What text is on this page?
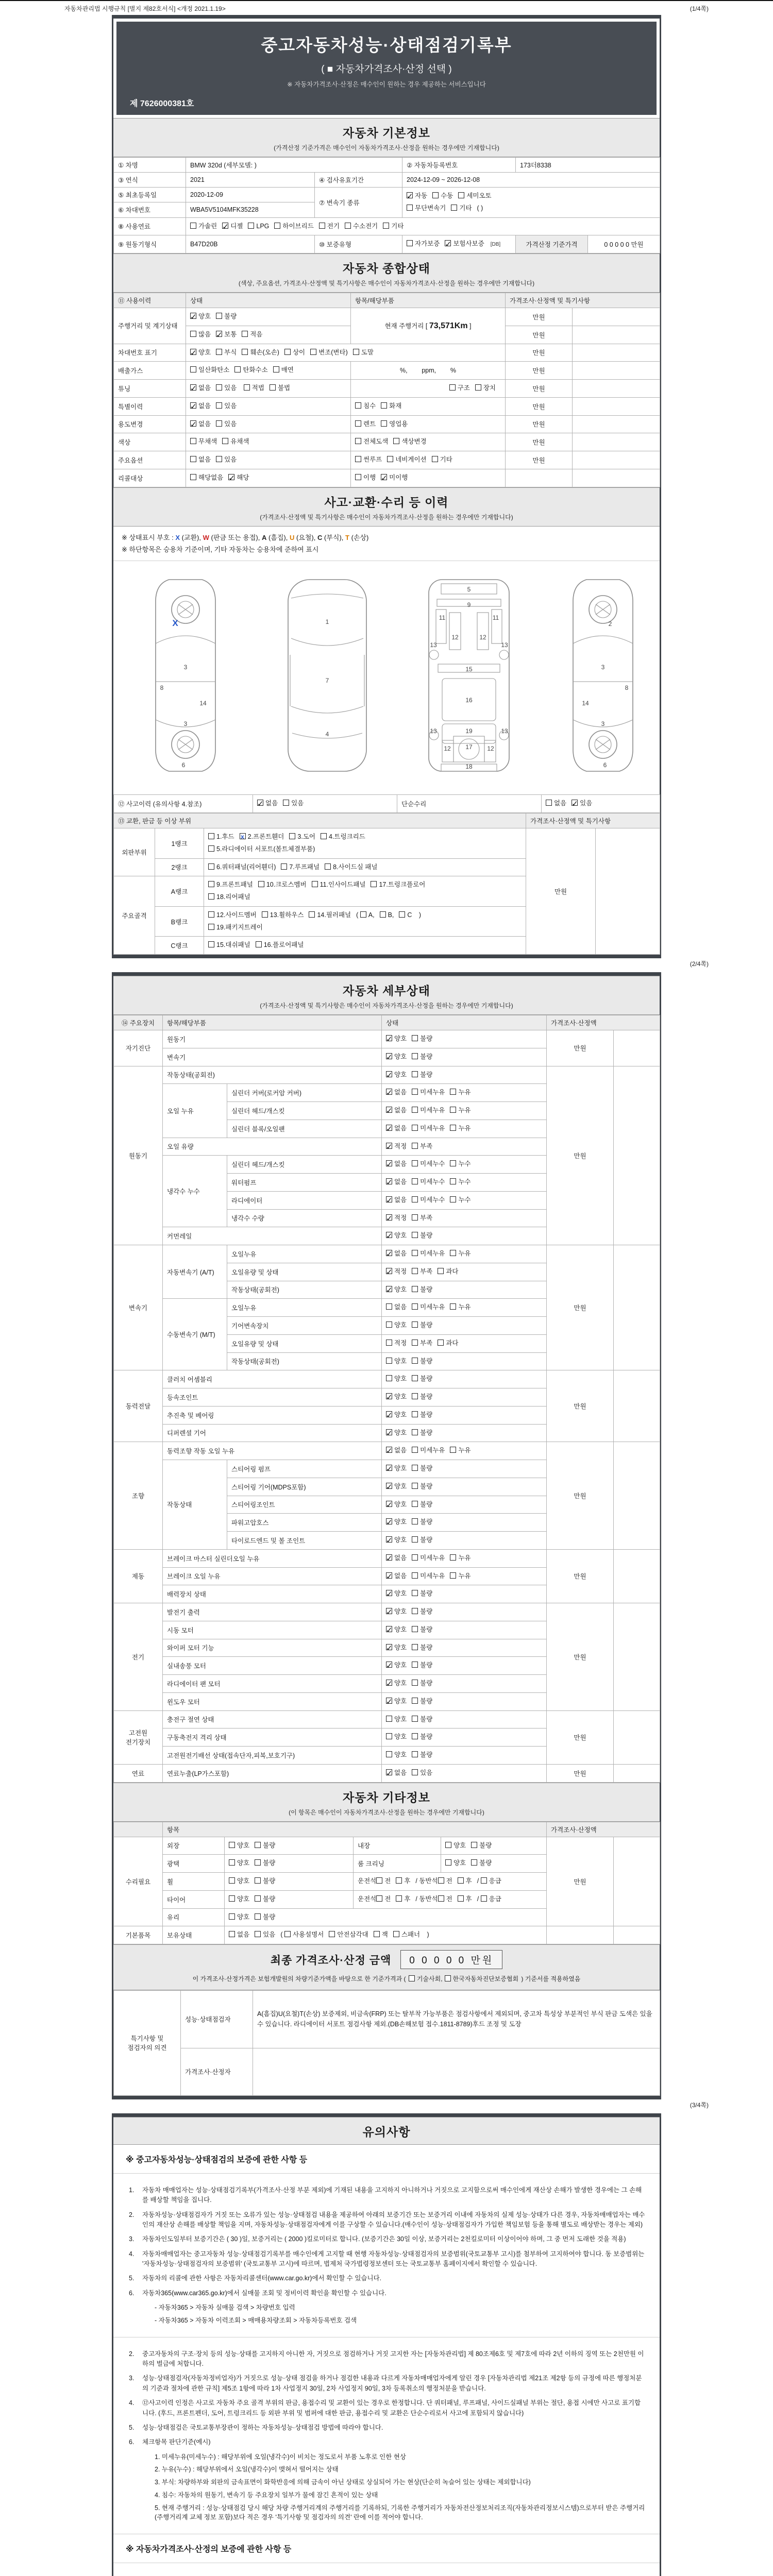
자동차관리법 시행규칙 [별지 제82호서식] <개정 2021.1.19>	(1/4쪽)
중고자동차성능·상태점검기록부
( ■ 자동차가격조사·산정 선택 )
※ 자동차가격조사·산정은 매수인이 원하는 경우 제공하는 서비스입니다
제 7626000381호
자동차 기본정보
(가격산정 기준가격은 매수인이 자동차가격조사·산정을 원하는 경우에만 기재합니다)
① 차명	BMW 320d (세부모델: )		② 자동차등록번호	173더8338	
③ 연식	2021	④ 검사유효기간	2024-12-09 ~ 2026-12-08		
⑤ 최초등록일	2020-12-09	⑦ 변속기 종류	✓자동 수동 세미오토
무단변속기 기타 ( )
⑥ 차대번호	WBA5V5104MFK35228				
⑧ 사용연료	가솔린 ✓ 디젤 LPG 하이브리드 전기 수소전기 기타
⑨ 원동기형식	B47D20B	⑩ 보증유형	자가보증 ✓ 보험사보증 [DB]	가격산정 기준가격	0 0 0 0 0 만원
자동차 종합상태
(색상, 주요옵션, 가격조사·산정액 및 특기사항은 매수인이 자동차가격조사·산정을 원하는 경우에만 기재합니다)
⑪ 사용이력	상태	항목/해당부품	가격조사·산정액 및 특기사항	
주행거리 및 계기상태	✓양호 불량	현재 주행거리 [ 73,571Km ]	만원	
	많음 ✓ 보통 적음		만원	
차대번호 표기	✓양호 부식 훼손(오손) 상이 변조(변타) 도말		만원	
배출가스	일산화탄소 탄화수소 매연	%,        ppm,        %	만원	
튜닝	✓없음 있음 적법 불법	구조 장치	만원	
특별이력	✓없음 있음	침수 화재	만원	
용도변경	✓없음 있음	렌트 영업용	만원	
색상	무채색 유채색	전체도색 색상변경	만원	
주요옵션	없음 있음	썬루프 네비게이션 기타	만원	
리콜대상	해당없음 ✓ 해당	이행 ✓ 미이행		
사고·교환·수리 등 이력
(가격조사·산정액 및 특기사항은 매수인이 자동차가격조사·산정을 원하는 경우에만 기재합니다)
※ 상태표시 부호 : X (교환), W (판금 또는 용접), A (흠집), U (요철), C (부식), T (손상)
※ 하단항목은 승용차 기준이며, 기타 자동차는 승용차에 준하여 표시
X
8
3
14
3
6
1
7
4
5
9
11	11
13	13
12	12
15
16
19
13	13
12 17 12
18
2
8
3
14
3
6
⑫ 사고이력 (유의사항 4.참조)	✓없음 있음	단순수리	없음 ✓ 있음
⑬ 교환, 판금 등 이상 부위			가격조사·산정액 및 특기사항	
외판부위	1랭크	1.후드 x 2.프론트휀더 3.도어 4.트렁크리드
5.라디에이터 서포트(볼트체결부품)	만원	
	2랭크	6.쿼터패널(리어휀더) 7.루프패널 8.사이드실 패널		
주요골격	A랭크	9.프론트패널 10.크로스멤버 11.인사이드패널 17.트렁크플로어
18.리어패널		
	B랭크	12.사이드멤버 13.휠하우스 14.필러패널 ( A, B, C )
19.패키지트레이		
	C랭크	15.대쉬패널 16.플로어패널		
(2/4쪽)
자동차 세부상태
(가격조사·산정액 및 특기사항은 매수인이 자동차가격조사·산정을 원하는 경우에만 기재합니다)
⑭ 주요장치	항목/해당부품		상태	가격조사·산정액	
자기진단	원동기	✓양호 불량	만원	
	변속기	✓양호 불량
원동기	작동상태(공회전)	✓양호 불량	만원	
	오일 누유	실린더 커버(로커암 커버)	✓없음 미세누유 누유
		실린더 헤드/개스킷	✓없음 미세누유 누유
		실린더 블록/오일팬	✓없음 미세누유 누유
	오일 유량	✓적정 부족
	냉각수 누수	실린더 헤드/개스킷	✓없음 미세누수 누수
		워터펌프	✓없음 미세누수 누수
		라디에이터	✓없음 미세누수 누수
		냉각수 수량	✓적정 부족
	커먼레일	✓양호 불량
변속기	자동변속기 (A/T)	오일누유	✓없음 미세누유 누유	만원	
		오일유량 및 상태	✓적정 부족 과다
		작동상태(공회전)	✓양호 불량
	수동변속기 (M/T)	오일누유	없음 미세누유 누유		
		기어변속장치	양호 불량		
		오일유량 및 상태	적정 부족 과다		
		작동상태(공회전)	양호 불량		
동력전달	클러치 어셈블리		양호 불량	만원	
	등속조인트	✓양호 불량
	추진축 및 베어링	✓양호 불량
	디퍼렌셜 기어	✓양호 불량
조향	동력조향 작동 오일 누유	✓없음 미세누유 누유	만원	
	작동상태	스티어링 펌프	✓양호 불량
		스티어링 기어(MDPS포함)	✓양호 불량
		스티어링조인트	✓양호 불량
		파워고압호스	✓양호 불량
		타이로드엔드 및 볼 조인트	✓양호 불량
제동	브레이크 마스터 실린더오일 누유	✓없음 미세누유 누유	만원	
	브레이크 오일 누유	✓없음 미세누유 누유
	배력장치 상태	✓양호 불량
전기	발전기 출력	✓양호 불량	만원	
	시동 모터	✓양호 불량
	와이퍼 모터 기능	✓양호 불량
	실내송풍 모터	✓양호 불량
	라디에이터 팬 모터	✓양호 불량
	윈도우 모터	✓양호 불량
고전원 전기장치	충전구 절연 상태		양호 불량	만원	
	구동축전지 격리 상태		양호 불량		
	고전원전기배선 상태(접속단자,피복,보호기구)		양호 불량		
연료	연료누출(LP가스포함)	✓없음 있음	만원	
자동차 기타정보
(이 항목은 매수인이 자동차가격조사·산정을 원하는 경우에만 기재합니다)
	항목				가격조사·산정액	
수리필요	외장	양호 불량	내장	양호 불량	만원	
	광택	양호 불량	룸 크리닝	양호 불량		
	휠	양호 불량	운전석 전 후 / 동반석 전 후 / 응급			
	타이어	양호 불량	운전석 전 후 / 동반석 전 후 / 응급			
	유리	양호 불량				
기본품목	보유상태	없음 있음 ( 사용설명서 안전삼각대 잭 스패너 )				
최종 가격조사·산정 금액	0 0 0 0 0 만원
이 가격조사·산정가격은 보험개발원의 차량기준가액을 바탕으로 한 기준가격과 ( 기술사회, 한국자동차진단보증협회 ) 기준서를 적용하였음
특기사항 및 점검자의 의견	성능·상태점검자	A(흠집)U(요철)T(손상) 보증제외, 비금속(FRP) 또는 탈부착 가능부품은 점검사항에서 제외되며, 중고차 특성상 부분적인 부식 판금 도색은 있을 수 있습니다. 라디에이터 서포트 점검사항 제외.(DB손해보험 접수.1811-8789)후드 조정 및 도장
	가격조사·산정자	
(3/4쪽)
유의사항
※ 중고자동차성능·상태점검의 보증에 관한 사항 등
1.	자동차 매매업자는 성능·상태점검기록부(가격조사·산정 부분 제외)에 기재된 내용을 고지하지 아니하거나 거짓으로 고지함으로써 매수인에게 재산상 손해가 발생한 경우에는 그 손해를 배상할 책임을 집니다.
2.	자동차성능·상태점검자가 거짓 또는 오류가 있는 성능·상태점검 내용을 제공하여 아래의 보증기간 또는 보증거리 이내에 자동차의 실제 성능·상태가 다른 경우, 자동차매매업자는 매수인의 재산상 손해를 배상할 책임을 지며, 자동차성능·상태점검자에게 이를 구상할 수 있습니다.(매수인이 성능·상태점검자가 가입한 책임보험 등을 통해 별도로 배상받는 경우는 제외)
3.	자동차인도일부터 보증기간은 ( 30 )일, 보증거리는 ( 2000 )킬로미터로 합니다. (보증기간은 30일 이상, 보증거리는 2천킬로미터 이상이어야 하며, 그 중 먼저 도래한 것을 적용)
4.	자동차매매업자는 중고자동차 성능·상태점검기록부를 매수인에게 고지할 때 현행 자동차성능·상태점검자의 보증범위(국토교통부 고시)를 첨부하여 고지하여야 합니다. 동 보증범위는 '자동차성능·상태점검자의 보증범위' (국토교통부 고시)에 따르며, 법제처 국가법령정보센터 또는 국토교통부 홈페이지에서 확인할 수 있습니다.
5.	자동차의 리콜에 관한 사항은 자동차리콜센터(www.car.go.kr)에서 확인할 수 있습니다.
6.	자동차365(www.car365.go.kr)에서 실매물 조회 및 정비이력 확인을 확인할 수 있습니다.
- 자동차365 > 자동차 실매물 검색 > 차량번호 입력
- 자동차365 > 자동차 이력조회 > 매매용차량조회 > 자동차등록번호 검색
2.	중고자동차의 구조·장치 등의 성능·상태를 고지하지 아니한 자, 거짓으로 점검하거나 거짓 고지한 자는 [자동차관리법] 제 80조제6호 및 제7호에 따라 2년 이하의 징역 또는 2천만원 이하의 벌금에 처합니다.
3.	성능·상태점검자(자동차정비업자)가 거짓으로 성능·상태 점검을 하거나 점검한 내용과 다르게 자동차매매업자에게 알린 경우 [자동차관리법 제21조 제2항 등의 규정에 따른 행정처분의 기준과 절차에 관한 규칙] 제5조 1항에 따라 1차 사업정지 30일, 2차 사업정지 90일, 3차 등록취소의 행정처분을 받습니다.
4.	⑫사고이력 인정은 사고로 자동차 주요 골격 부위의 판금, 용접수리 및 교환이 있는 경우로 한정합니다. 단 쿼터패널, 루프패널, 사이드실패널 부위는 절단, 용접 시에만 사고로 표기합니다. (후드, 프론트펜더, 도어, 트렁크리드 등 외판 부위 및 범퍼에 대한 판금, 용접수리 및 교환은 단순수리로서 사고에 포함되지 않습니다)
5.	성능·상태점검은 국토교통부장관이 정하는 자동차성능·상태점검 방법에 따라야 합니다.
6.	체크항목 판단기준(예시)
1. 미세누유(미세누수) : 해당부위에 오일(냉각수)이 비치는 정도로서 부품 노후로 인한 현상
2. 누유(누수) : 해당부위에서 오일(냉각수)이 맺혀서 떨어지는 상태
3. 부식: 차량하부와 외판의 금속표면이 화학반응에 의해 금속이 아닌 상태로 상실되어 가는 현상(단순히 녹슬어 있는 상태는 제외합니다)
4. 침수: 자동차의 원동기, 변속기 등 주요장치 일부가 물에 잠긴 흔적이 있는 상태
5. 현재 주행거리 : 성능·상태점검 당시 해당 차량 주행거리계의 주행거리를 기록하되, 기록한 주행거리가 자동차전산정보처리조직(자동차관리정보시스템)으로부터 받은 주행거리(주행거리계 교체 정보 포함)보다 적은 경우 '특기사항 및 점검자의 의견' 란에 이를 적어야 합니다.
※ 자동차가격조사·산정의 보증에 관한 사항 등
